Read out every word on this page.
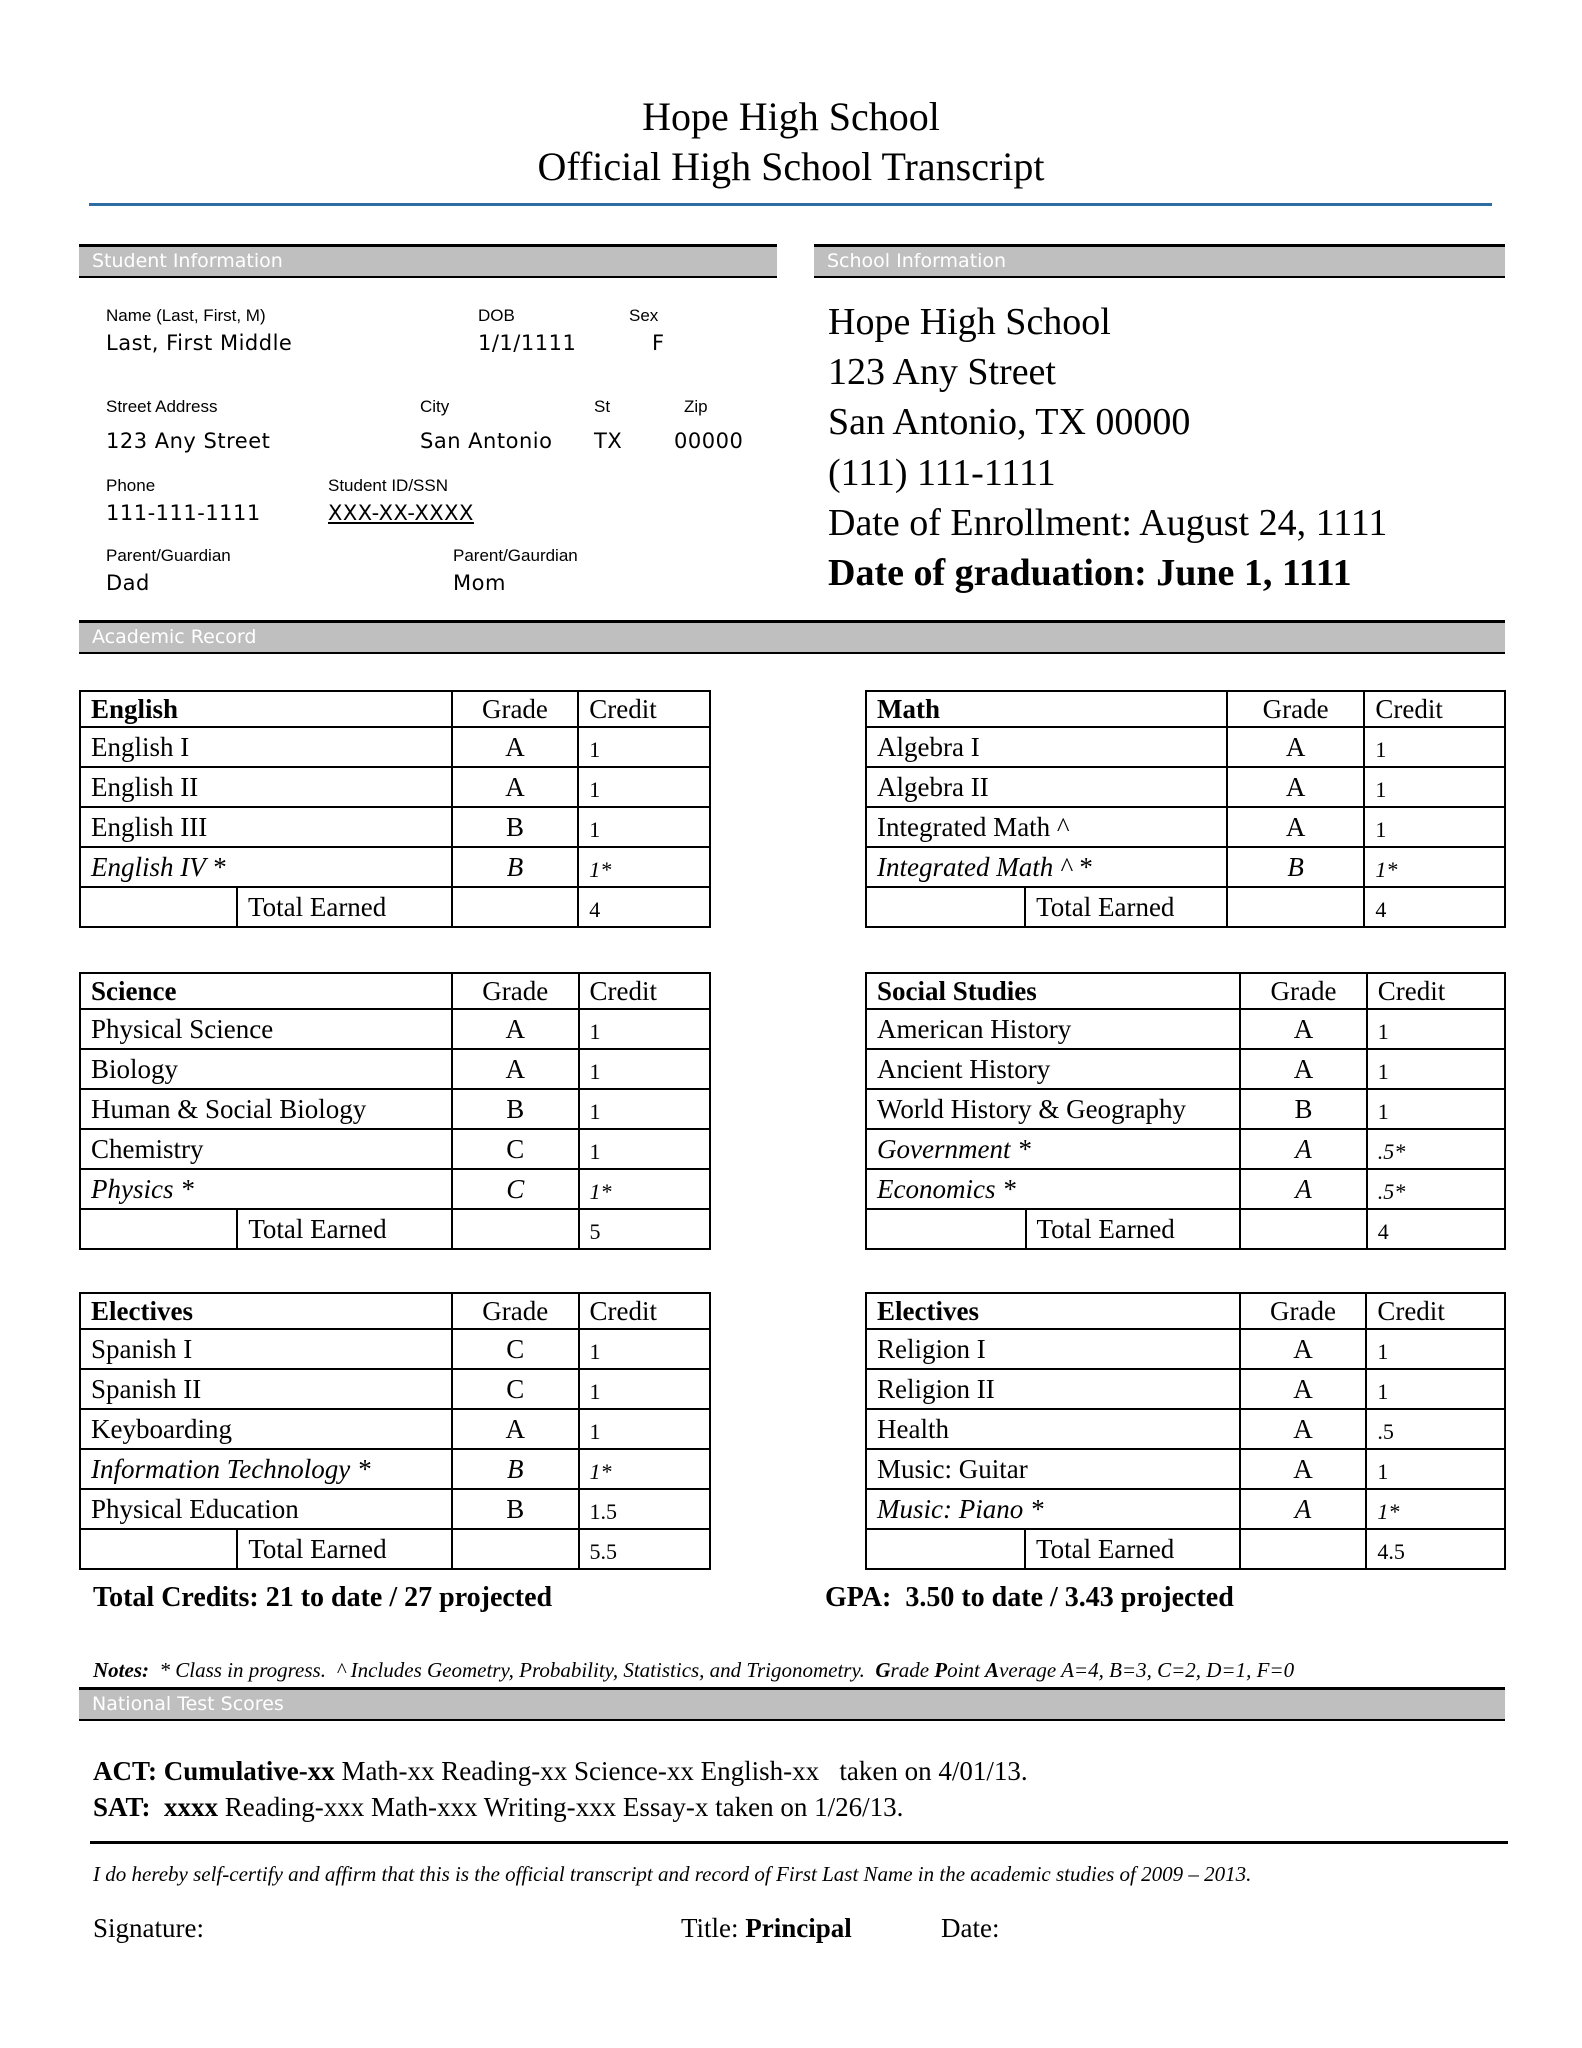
Hope High School
Official High School Transcript
Student Information	School Information
Name (Last, First, M)
Last, First Middle
DOB
1/1/1111
Sex
F
Street Address
123 Any Street
City
San Antonio
St
TX
Zip
00000
Phone
111-111-1111
Student ID/SSN
XXX-XX-XXXX
Parent/Guardian
Dad
Parent/Gaurdian
Mom
Hope High School
123 Any Street
San Antonio, TX 00000
(111) 111-1111
Date of Enrollment: August 24, 1111
Date of graduation: June 1, 1111
Academic Record
English		Grade	Credit
English I		A	1
English II		A	1
English III		B	1
English IV *		B	1*
	Total Earned		4
Math		Grade	Credit
Algebra I		A	1
Algebra II		A	1
Integrated Math ^		A	1
Integrated Math ^ *		B	1*
	Total Earned		4
Science		Grade	Credit
Physical Science		A	1
Biology		A	1
Human & Social Biology		B	1
Chemistry		C	1
Physics *		C	1*
	Total Earned		5
Social Studies		Grade	Credit
American History		A	1
Ancient History		A	1
World History & Geography		B	1
Government *		A	.5*
Economics *		A	.5*
	Total Earned		4
Electives		Grade	Credit
Spanish I		C	1
Spanish II		C	1
Keyboarding		A	1
Information Technology *		B	1*
Physical Education		B	1.5
	Total Earned		5.5
Electives		Grade	Credit
Religion I		A	1
Religion II		A	1
Health		A	.5
Music: Guitar		A	1
Music: Piano *		A	1*
	Total Earned		4.5
Total Credits: 21 to date / 27 projected	GPA: 3.50 to date / 3.43 projected
Notes: * Class in progress. ^ Includes Geometry, Probability, Statistics, and Trigonometry. Grade Point Average A=4, B=3, C=2, D=1, F=0
National Test Scores
ACT: Cumulative-xx Math-xx Reading-xx Science-xx English-xx   taken on 4/01/13.
SAT: xxxx Reading-xxx Math-xxx Writing-xxx Essay-x taken on 1/26/13.
I do hereby self-certify and affirm that this is the official transcript and record of First Last Name in the academic studies of 2009 – 2013.
Signature:	Title: Principal	Date:
